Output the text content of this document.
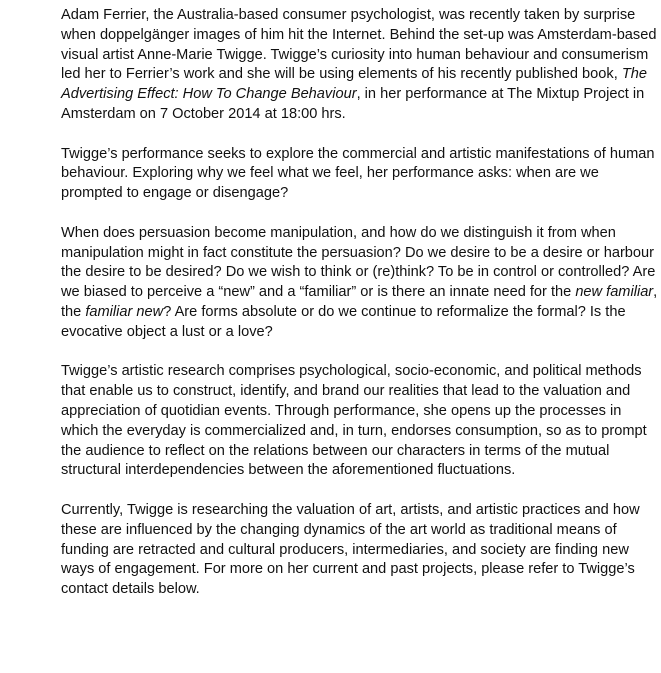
Adam Ferrier, the Australia-based consumer psychologist, was recently taken by surprise when doppelgänger images of him hit the Internet. Behind the set-up was Amsterdam-based visual artist Anne-Marie Twigge. Twigge’s curiosity into human behaviour and consumerism led her to Ferrier’s work and she will be using elements of his recently published book, The Advertising Effect: How To Change Behaviour, in her performance at The Mixtup Project in Amsterdam on 7 October 2014 at 18:00 hrs.

Twigge’s performance seeks to explore the commercial and artistic manifestations of human behaviour. Exploring why we feel what we feel, her performance asks: when are we prompted to engage or disengage?

When does persuasion become manipulation, and how do we distinguish it from when manipulation might in fact constitute the persuasion? Do we desire to be a desire or harbour the desire to be desired? Do we wish to think or (re)think? To be in control or controlled? Are we biased to perceive a “new” and a “familiar” or is there an innate need for the new familiar, the familiar new? Are forms absolute or do we continue to reformalize the formal? Is the evocative object a lust or a love?

Twigge’s artistic research comprises psychological, socio-economic, and political methods that enable us to construct, identify, and brand our realities that lead to the valuation and appreciation of quotidian events. Through performance, she opens up the processes in which the everyday is commercialized and, in turn, endorses consumption, so as to prompt the audience to reflect on the relations between our characters in terms of the mutual structural interdependencies between the aforementioned fluctuations.

Currently, Twigge is researching the valuation of art, artists, and artistic practices and how these are influenced by the changing dynamics of the art world as traditional means of funding are retracted and cultural producers, intermediaries, and society are finding new ways of engagement. For more on her current and past projects, please refer to Twigge’s contact details below.
